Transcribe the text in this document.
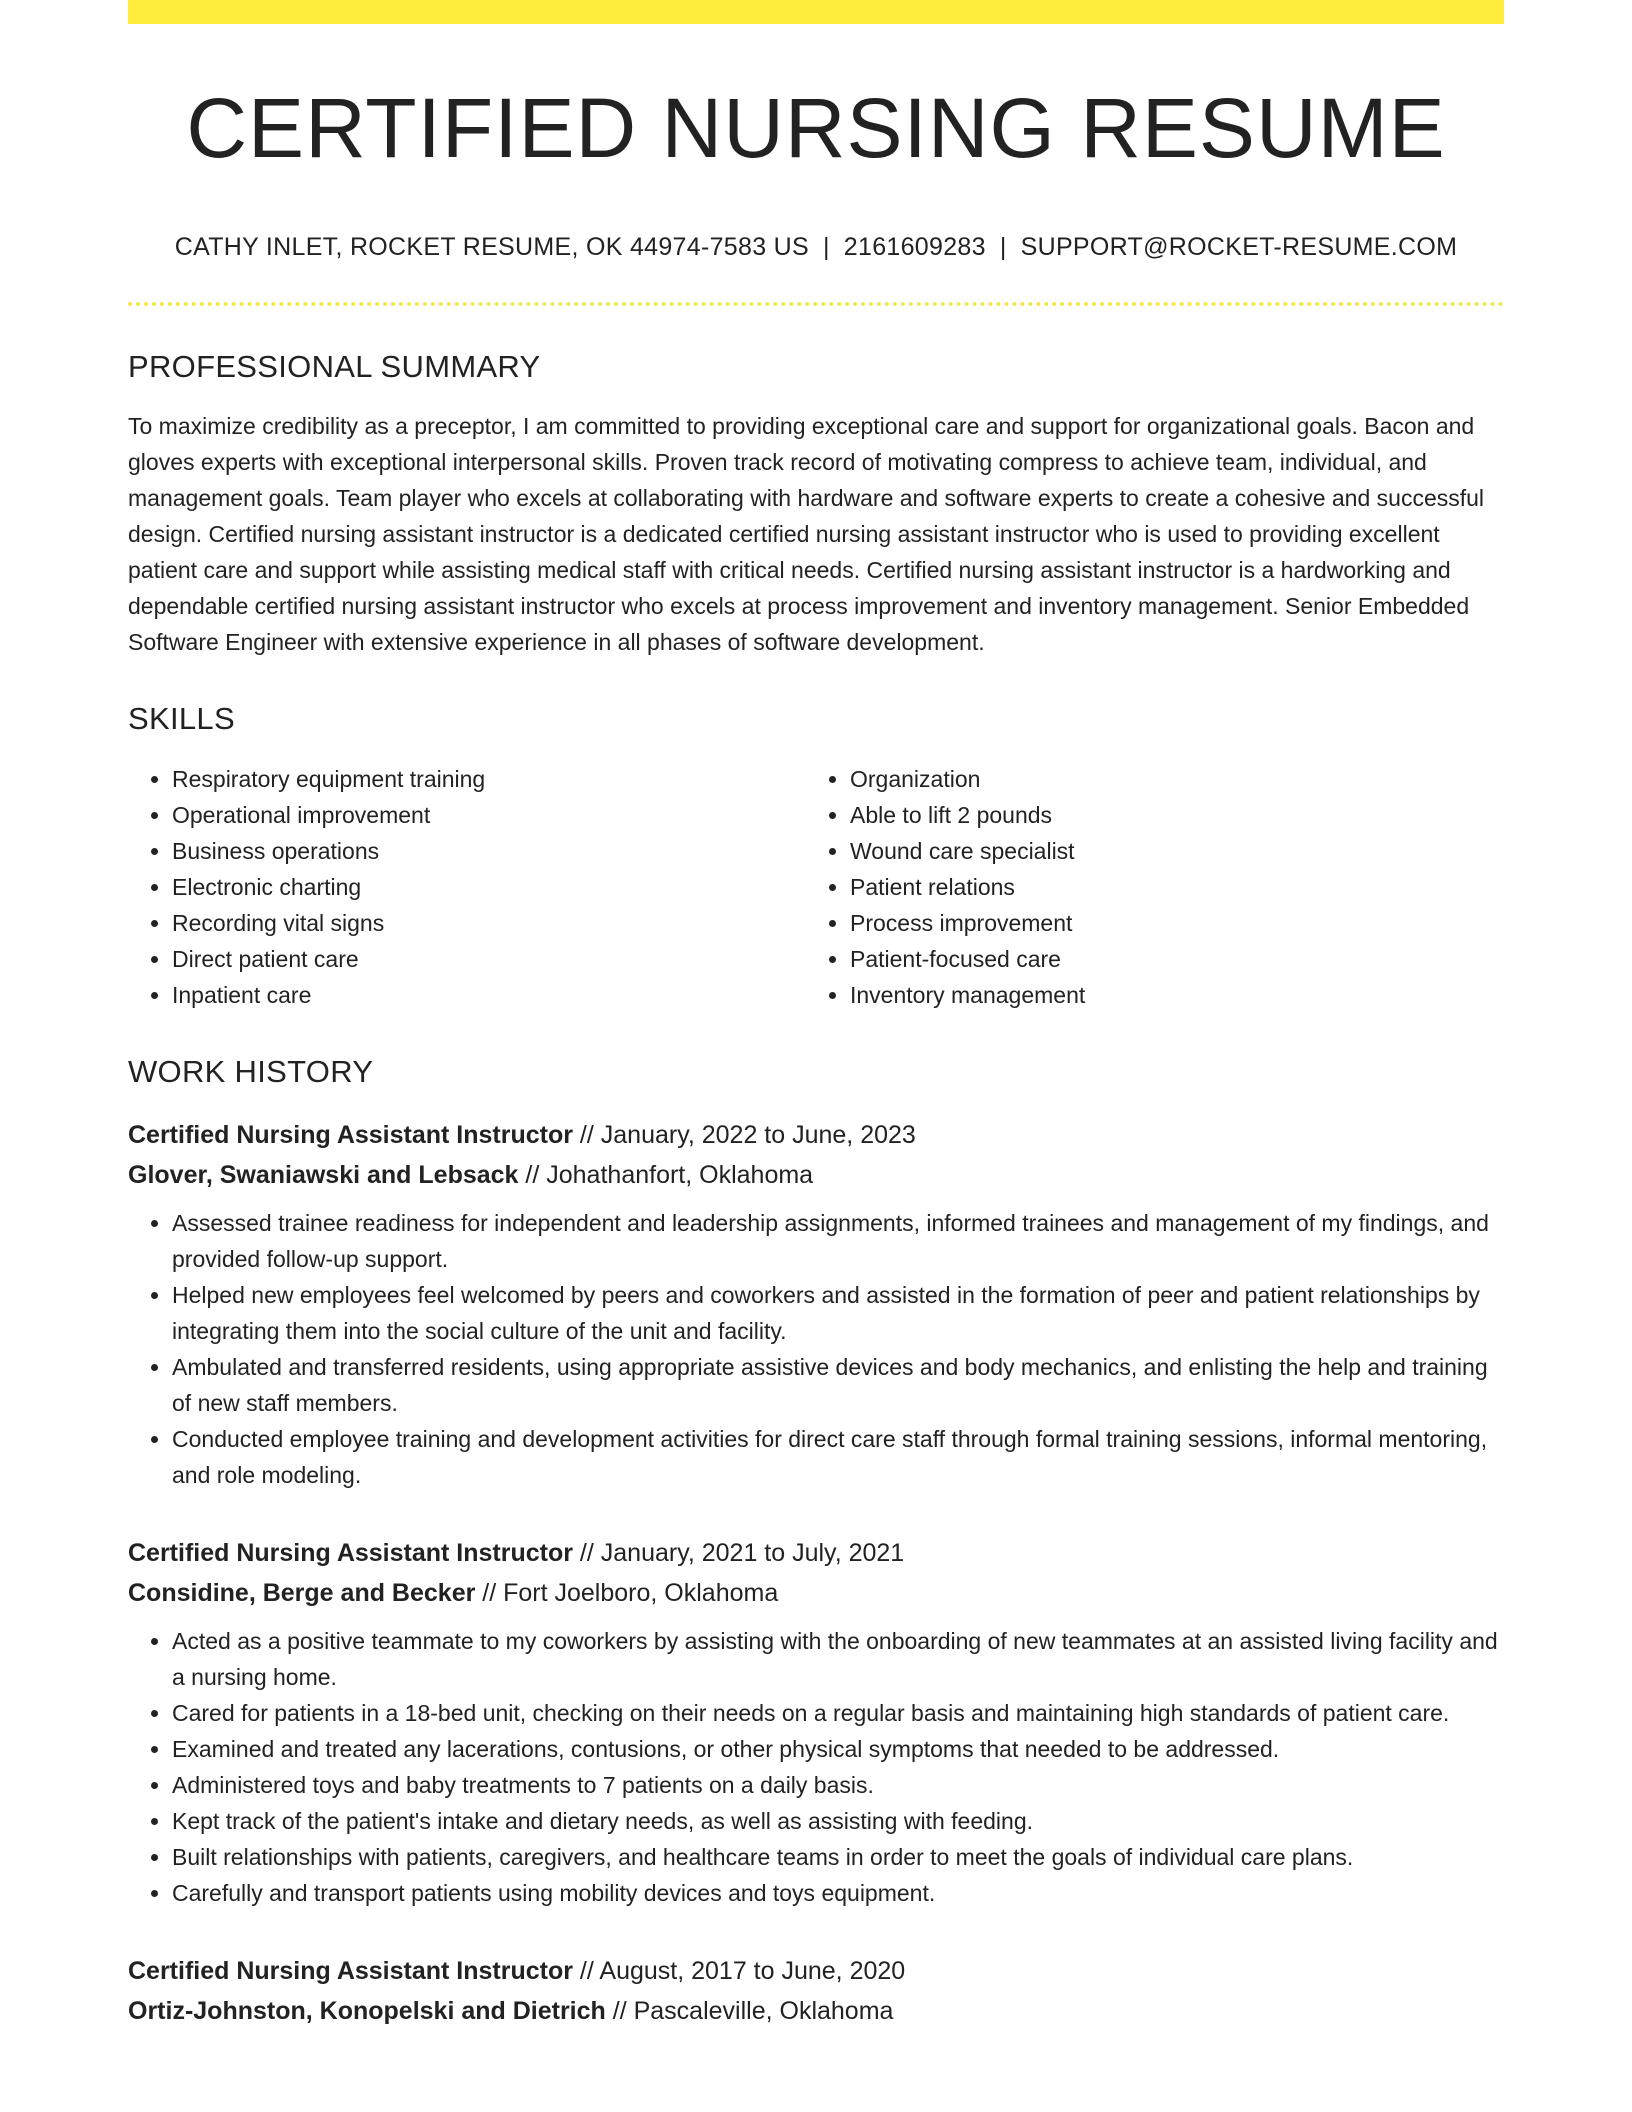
CERTIFIED NURSING RESUME
CATHY INLET, ROCKET RESUME, OK 44974-7583 US | 2161609283 | SUPPORT@ROCKET-RESUME.COM
PROFESSIONAL SUMMARY

To maximize credibility as a preceptor, I am committed to providing exceptional care and support for organizational goals. Bacon and gloves experts with exceptional interpersonal skills. Proven track record of motivating compress to achieve team, individual, and management goals. Team player who excels at collaborating with hardware and software experts to create a cohesive and successful design. Certified nursing assistant instructor is a dedicated certified nursing assistant instructor who is used to providing excellent patient care and support while assisting medical staff with critical needs. Certified nursing assistant instructor is a hardworking and dependable certified nursing assistant instructor who excels at process improvement and inventory management. Senior Embedded Software Engineer with extensive experience in all phases of software development.

SKILLS
• Respiratory equipment training
• Operational improvement
• Business operations
• Electronic charting
• Recording vital signs
• Direct patient care
• Inpatient care
• Organization
• Able to lift 2 pounds
• Wound care specialist
• Patient relations
• Process improvement
• Patient-focused care
• Inventory management
WORK HISTORY
Certified Nursing Assistant Instructor // January, 2022 to June, 2023
Glover, Swaniawski and Lebsack // Johathanfort, Oklahoma
• Assessed trainee readiness for independent and leadership assignments, informed trainees and management of my findings, and provided follow-up support.
• Helped new employees feel welcomed by peers and coworkers and assisted in the formation of peer and patient relationships by integrating them into the social culture of the unit and facility.
• Ambulated and transferred residents, using appropriate assistive devices and body mechanics, and enlisting the help and training of new staff members.
• Conducted employee training and development activities for direct care staff through formal training sessions, informal mentoring, and role modeling.
Certified Nursing Assistant Instructor // January, 2021 to July, 2021
Considine, Berge and Becker // Fort Joelboro, Oklahoma
• Acted as a positive teammate to my coworkers by assisting with the onboarding of new teammates at an assisted living facility and a nursing home.
• Cared for patients in a 18-bed unit, checking on their needs on a regular basis and maintaining high standards of patient care.
• Examined and treated any lacerations, contusions, or other physical symptoms that needed to be addressed.
• Administered toys and baby treatments to 7 patients on a daily basis.
• Kept track of the patient's intake and dietary needs, as well as assisting with feeding.
• Built relationships with patients, caregivers, and healthcare teams in order to meet the goals of individual care plans.
• Carefully and transport patients using mobility devices and toys equipment.
Certified Nursing Assistant Instructor // August, 2017 to June, 2020
Ortiz-Johnston, Konopelski and Dietrich // Pascaleville, Oklahoma
